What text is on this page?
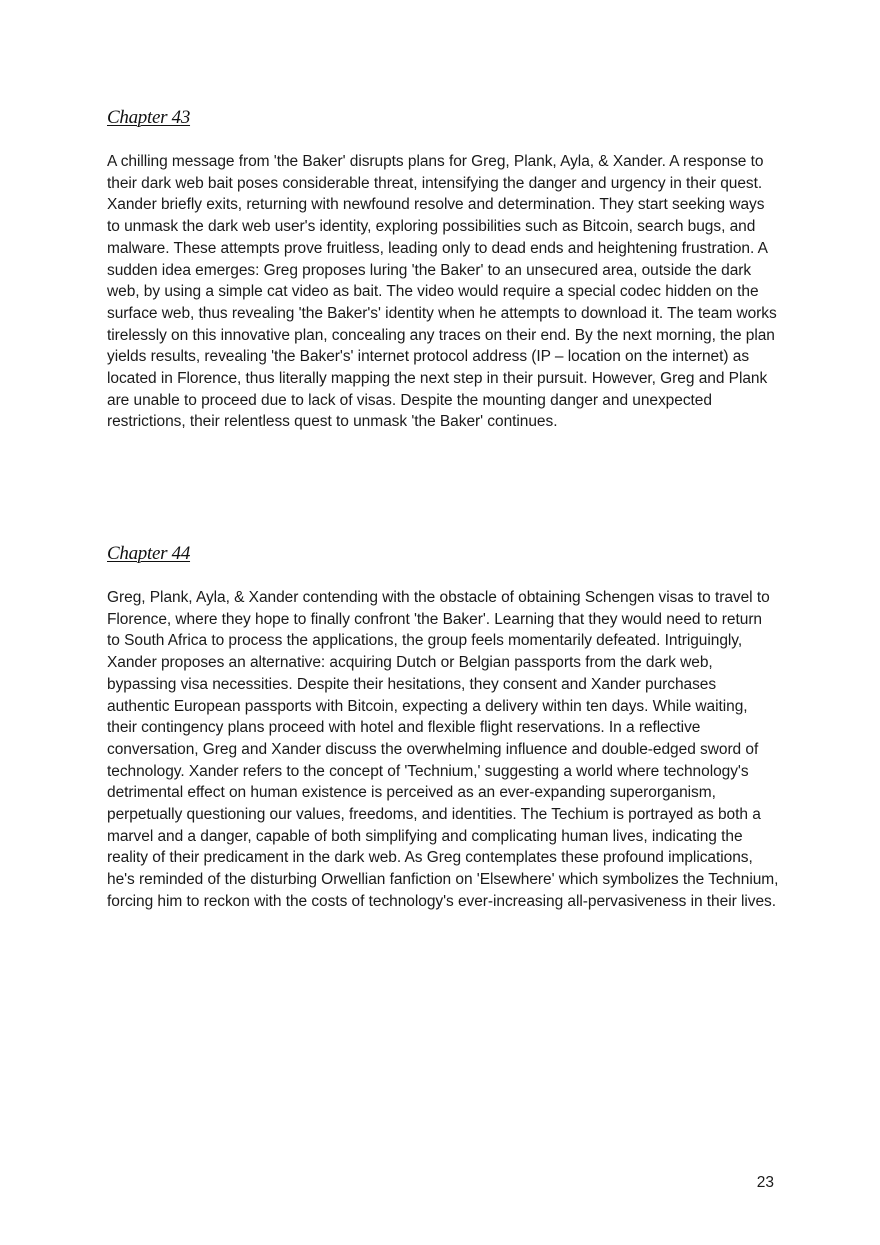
Chapter 43

A chilling message from 'the Baker' disrupts plans for Greg, Plank, Ayla, & Xander. A response to their dark web bait poses considerable threat, intensifying the danger and urgency in their quest. Xander briefly exits, returning with newfound resolve and determination. They start seeking ways to unmask the dark web user's identity, exploring possibilities such as Bitcoin, search bugs, and malware. These attempts prove fruitless, leading only to dead ends and heightening frustration. A sudden idea emerges: Greg proposes luring 'the Baker' to an unsecured area, outside the dark web, by using a simple cat video as bait. The video would require a special codec hidden on the surface web, thus revealing 'the Baker's' identity when he attempts to download it. The team works tirelessly on this innovative plan, concealing any traces on their end. By the next morning, the plan yields results, revealing 'the Baker's' internet protocol address (IP – location on the internet) as located in Florence, thus literally mapping the next step in their pursuit. However, Greg and Plank are unable to proceed due to lack of visas. Despite the mounting danger and unexpected restrictions, their relentless quest to unmask 'the Baker' continues.

Chapter 44

Greg, Plank, Ayla, & Xander contending with the obstacle of obtaining Schengen visas to travel to Florence, where they hope to finally confront 'the Baker'. Learning that they would need to return to South Africa to process the applications, the group feels momentarily defeated. Intriguingly, Xander proposes an alternative: acquiring Dutch or Belgian passports from the dark web, bypassing visa necessities. Despite their hesitations, they consent and Xander purchases authentic European passports with Bitcoin, expecting a delivery within ten days. While waiting, their contingency plans proceed with hotel and flexible flight reservations. In a reflective conversation, Greg and Xander discuss the overwhelming influence and double-edged sword of technology. Xander refers to the concept of 'Technium,' suggesting a world where technology's detrimental effect on human existence is perceived as an ever-expanding superorganism, perpetually questioning our values, freedoms, and identities. The Techium is portrayed as both a marvel and a danger, capable of both simplifying and complicating human lives, indicating the reality of their predicament in the dark web. As Greg contemplates these profound implications, he's reminded of the disturbing Orwellian fanfiction on 'Elsewhere' which symbolizes the Technium, forcing him to reckon with the costs of technology's ever-increasing all-pervasiveness in their lives.

23
